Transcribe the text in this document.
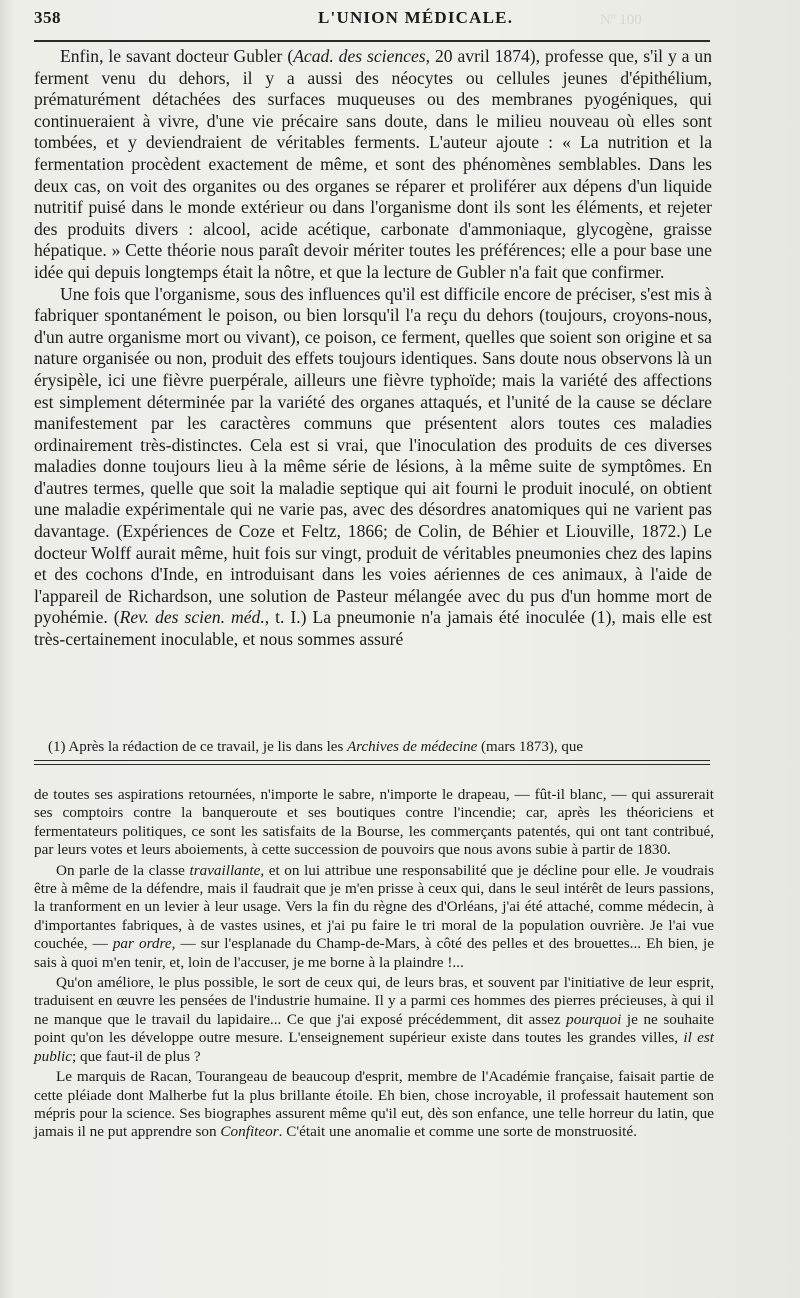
Nº 100
358	L'UNION MÉDICALE.

Enfin, le savant docteur Gubler (Acad. des sciences, 20 avril 1874), professe que, s'il y a un ferment venu du dehors, il y a aussi des néocytes ou cellules jeunes d'épithélium, prématurément détachées des surfaces muqueuses ou des membranes pyogéniques, qui continueraient à vivre, d'une vie précaire sans doute, dans le milieu nouveau où elles sont tombées, et y deviendraient de véritables ferments. L'auteur ajoute : « La nutrition et la fermentation procèdent exactement de même, et sont des phénomènes semblables. Dans les deux cas, on voit des organites ou des organes se réparer et proliférer aux dépens d'un liquide nutritif puisé dans le monde extérieur ou dans l'organisme dont ils sont les éléments, et rejeter des produits divers : alcool, acide acétique, carbonate d'ammoniaque, glycogène, graisse hépatique. » Cette théorie nous paraît devoir mériter toutes les préférences; elle a pour base une idée qui depuis longtemps était la nôtre, et que la lecture de Gubler n'a fait que confirmer.

Une fois que l'organisme, sous des influences qu'il est difficile encore de préciser, s'est mis à fabriquer spontanément le poison, ou bien lorsqu'il l'a reçu du dehors (toujours, croyons-nous, d'un autre organisme mort ou vivant), ce poison, ce ferment, quelles que soient son origine et sa nature organisée ou non, produit des effets toujours identiques. Sans doute nous observons là un érysipèle, ici une fièvre puerpérale, ailleurs une fièvre typhoïde; mais la variété des affections est simplement déterminée par la variété des organes attaqués, et l'unité de la cause se déclare manifestement par les caractères communs que présentent alors toutes ces maladies ordinairement très-distinctes. Cela est si vrai, que l'inoculation des produits de ces diverses maladies donne toujours lieu à la même série de lésions, à la même suite de symptômes. En d'autres termes, quelle que soit la maladie septique qui ait fourni le produit inoculé, on obtient une maladie expérimentale qui ne varie pas, avec des désordres anatomiques qui ne varient pas davantage. (Expériences de Coze et Feltz, 1866; de Colin, de Béhier et Liouville, 1872.) Le docteur Wolff aurait même, huit fois sur vingt, produit de véritables pneumonies chez des lapins et des cochons d'Inde, en introduisant dans les voies aériennes de ces animaux, à l'aide de l'appareil de Richardson, une solution de Pasteur mélangée avec du pus d'un homme mort de pyohémie. (Rev. des scien. méd., t. I.) La pneumonie n'a jamais été inoculée (1), mais elle est très-certainement inoculable, et nous sommes assuré

(1) Après la rédaction de ce travail, je lis dans les Archives de médecine (mars 1873), que

de toutes ses aspirations retournées, n'importe le sabre, n'importe le drapeau, — fût-il blanc, — qui assurerait ses comptoirs contre la banqueroute et ses boutiques contre l'incendie; car, après les théoriciens et fermentateurs politiques, ce sont les satisfaits de la Bourse, les commerçants patentés, qui ont tant contribué, par leurs votes et leurs aboiements, à cette succession de pouvoirs que nous avons subie à partir de 1830.

On parle de la classe travaillante, et on lui attribue une responsabilité que je décline pour elle. Je voudrais être à même de la défendre, mais il faudrait que je m'en prisse à ceux qui, dans le seul intérêt de leurs passions, la tranforment en un levier à leur usage. Vers la fin du règne des d'Orléans, j'ai été attaché, comme médecin, à d'importantes fabriques, à de vastes usines, et j'ai pu faire le tri moral de la population ouvrière. Je l'ai vue couchée, — par ordre, — sur l'esplanade du Champ-de-Mars, à côté des pelles et des brouettes... Eh bien, je sais à quoi m'en tenir, et, loin de l'accuser, je me borne à la plaindre !...

Qu'on améliore, le plus possible, le sort de ceux qui, de leurs bras, et souvent par l'initiative de leur esprit, traduisent en œuvre les pensées de l'industrie humaine. Il y a parmi ces hommes des pierres précieuses, à qui il ne manque que le travail du lapidaire... Ce que j'ai exposé précédemment, dit assez pourquoi je ne souhaite point qu'on les développe outre mesure. L'enseignement supérieur existe dans toutes les grandes villes, il est public; que faut-il de plus ?

Le marquis de Racan, Tourangeau de beaucoup d'esprit, membre de l'Académie française, faisait partie de cette pléiade dont Malherbe fut la plus brillante étoile. Eh bien, chose incroyable, il professait hautement son mépris pour la science. Ses biographes assurent même qu'il eut, dès son enfance, une telle horreur du latin, que jamais il ne put apprendre son Confiteor. C'était une anomalie et comme une sorte de monstruosité.
